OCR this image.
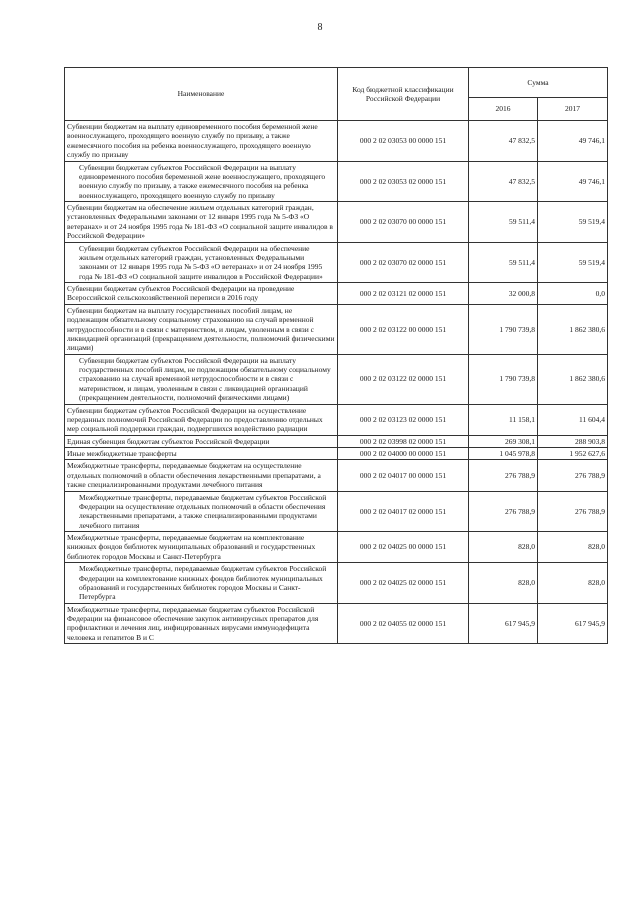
8
Наименование	Код бюджетной классификации Российской Федерации	Сумма	
		2016	2017
Субвенции бюджетам на выплату единовременного пособия беременной жене военнослужащего, проходящего военную службу по призыву, а также ежемесячного пособия на ребенка военнослужащего, проходящего военную службу по призыву	000 2 02 03053 00 0000 151	47 832,5	49 746,1
Субвенции бюджетам субъектов Российской Федерации на выплату единовременного пособия беременной жене военнослужащего, проходящего военную службу по призыву, а также ежемесячного пособия на ребенка военнослужащего, проходящего военную службу по призыву	000 2 02 03053 02 0000 151	47 832,5	49 746,1
Субвенции бюджетам на обеспечение жильем отдельных категорий граждан, установленных Федеральными законами от 12 января 1995 года № 5-ФЗ «О ветеранах» и от 24 ноября 1995 года № 181-ФЗ «О социальной защите инвалидов в Российской Федерации»	000 2 02 03070 00 0000 151	59 511,4	59 519,4
Субвенции бюджетам субъектов Российской Федерации на обеспечение жильем отдельных категорий граждан, установленных Федеральными законами от 12 января 1995 года № 5-ФЗ «О ветеранах» и от 24 ноября 1995 года № 181-ФЗ «О социальной защите инвалидов в Российской Федерации»	000 2 02 03070 02 0000 151	59 511,4	59 519,4
Субвенции бюджетам субъектов Российской Федерации на проведение Всероссийской сельскохозяйственной переписи в 2016 году	000 2 02 03121 02 0000 151	32 000,8	0,0
Субвенции бюджетам на выплату государственных пособий лицам, не подлежащим обязательному социальному страхованию на случай временной нетрудоспособности и в связи с материнством, и лицам, уволенным в связи с ликвидацией организаций (прекращением деятельности, полномочий физическими лицами)	000 2 02 03122 00 0000 151	1 790 739,8	1 862 380,6
Субвенции бюджетам субъектов Российской Федерации на выплату государственных пособий лицам, не подлежащим обязательному социальному страхованию на случай временной нетрудоспособности и в связи с материнством, и лицам, уволенным в связи с ликвидацией организаций (прекращением деятельности, полномочий физическими лицами)	000 2 02 03122 02 0000 151	1 790 739,8	1 862 380,6
Субвенции бюджетам субъектов Российской Федерации на осуществление переданных полномочий Российской Федерации по предоставлению отдельных мер социальной поддержки граждан, подвергшихся воздействию радиации	000 2 02 03123 02 0000 151	11 158,1	11 604,4
Единая субвенция бюджетам субъектов Российской Федерации	000 2 02 03998 02 0000 151	269 308,1	288 903,8
Иные межбюджетные трансферты	000 2 02 04000 00 0000 151	1 045 978,8	1 952 627,6
Межбюджетные трансферты, передаваемые бюджетам на осуществление отдельных полномочий в области обеспечения лекарственными препаратами, а также специализированными продуктами лечебного питания	000 2 02 04017 00 0000 151	276 788,9	276 788,9
Межбюджетные трансферты, передаваемые бюджетам субъектов Российской Федерации на осуществление отдельных полномочий в области обеспечения лекарственными препаратами, а также специализированными продуктами лечебного питания	000 2 02 04017 02 0000 151	276 788,9	276 788,9
Межбюджетные трансферты, передаваемые бюджетам на комплектование книжных фондов библиотек муниципальных образований и государственных библиотек городов Москвы и Санкт-Петербурга	000 2 02 04025 00 0000 151	828,0	828,0
Межбюджетные трансферты, передаваемые бюджетам субъектов Российской Федерации на комплектование книжных фондов библиотек муниципальных образований и государственных библиотек городов Москвы и Санкт-Петербурга	000 2 02 04025 02 0000 151	828,0	828,0
Межбюджетные трансферты, передаваемые бюджетам субъектов Российской Федерации на финансовое обеспечение закупок антивирусных препаратов для профилактики и лечения лиц, инфицированных вирусами иммунодефицита человека и гепатитов В и С	000 2 02 04055 02 0000 151	617 945,9	617 945,9
